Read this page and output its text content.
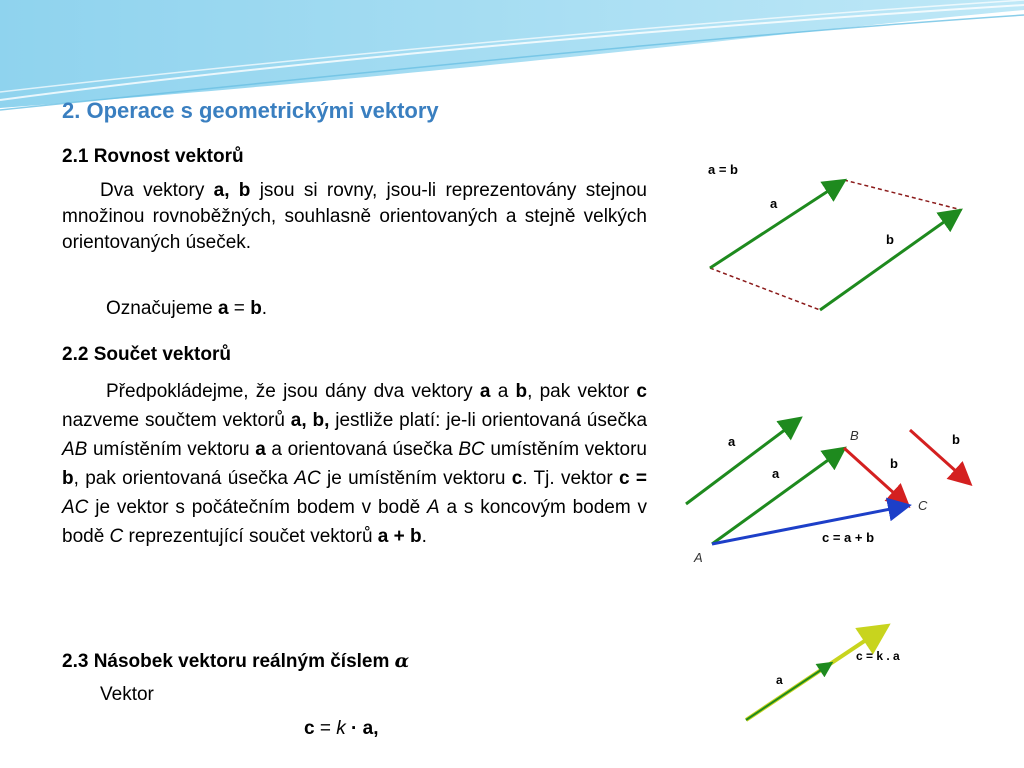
2. Operace s geometrickými vektory
2.1 Rovnost vektorů
Dva vektory a, b jsou si rovny, jsou-li reprezentovány stejnou množinou rovnoběžných, souhlasně orientovaných a stejně velkých orientovaných úseček.
Označujeme a = b.
2.2 Součet vektorů
Předpokládejme, že jsou dány dva vektory a a b, pak vektor c nazveme součtem vektorů a, b, jestliže platí: je-li orientovaná úsečka AB umístěním vektoru a a orientovaná úsečka BC umístěním vektoru b, pak orientovaná úsečka AC je umístěním vektoru c. Tj. vektor c = AC je vektor s počátečním bodem v bodě A a s koncovým bodem v bodě C reprezentující součet vektorů a + b.
2.3 Násobek vektoru reálným číslem α
Vektor
c = k · a,
a = b
a
b
a
a
b
b
B
C
A
c = a + b
c = k . a
a
